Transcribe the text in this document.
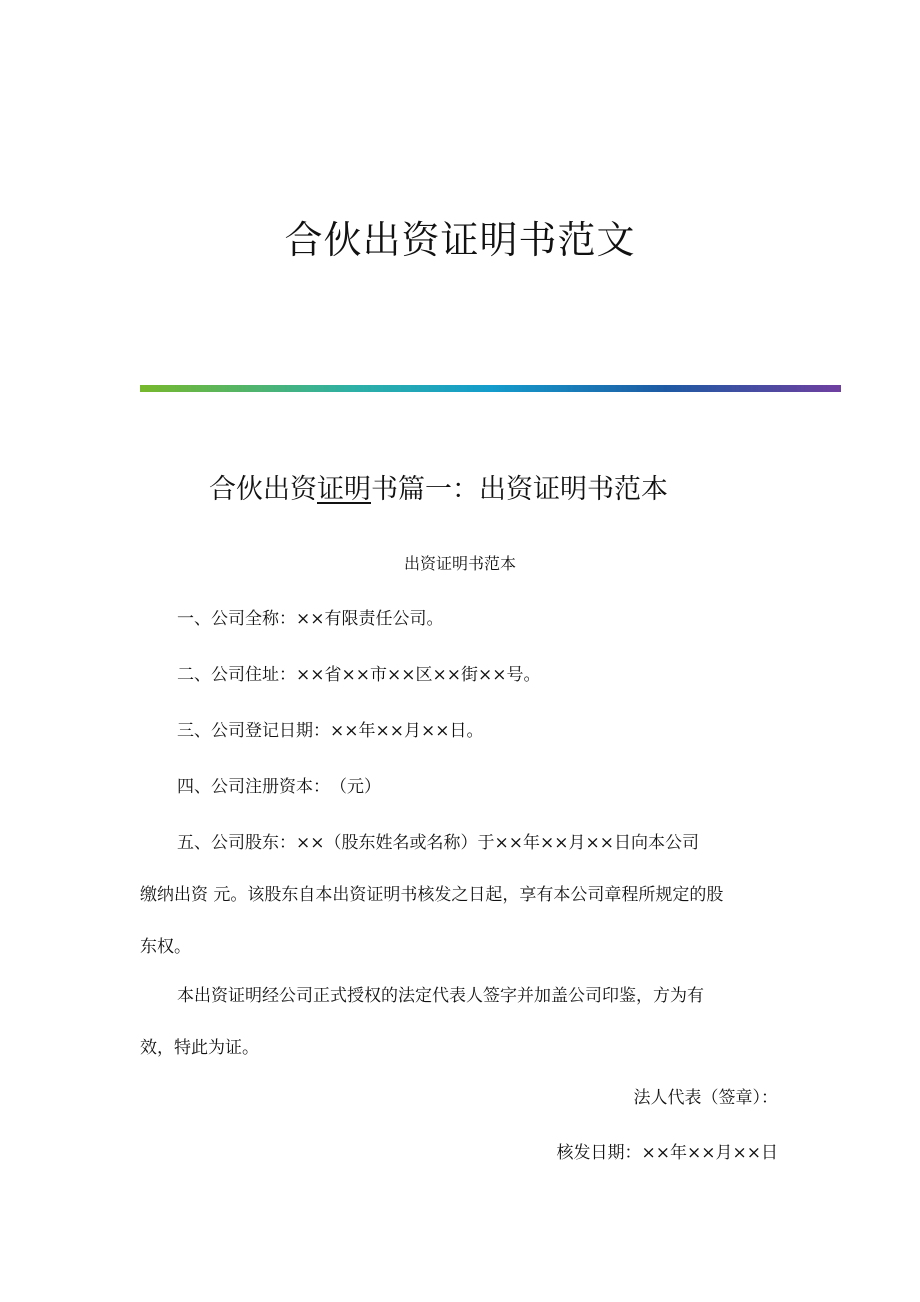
合伙出资证明书范文
合伙出资证明书篇一：出资证明书范本

出资证明书范本

一、公司全称：××有限责任公司。

二、公司住址：××省××市××区××街××号。

三、公司登记日期：××年××月××日。

四、公司注册资本：　（元）

五、公司股东：××（股东姓名或名称）于××年××月××日向本公司
缴纳出资 元。该股东自本出资证明书核发之日起，享有本公司章程所规定的股
东权。

本出资证明经公司正式授权的法定代表人签字并加盖公司印鉴，方为有
效，特此为证。

法人代表（签章）：

核发日期：××年××月××日
